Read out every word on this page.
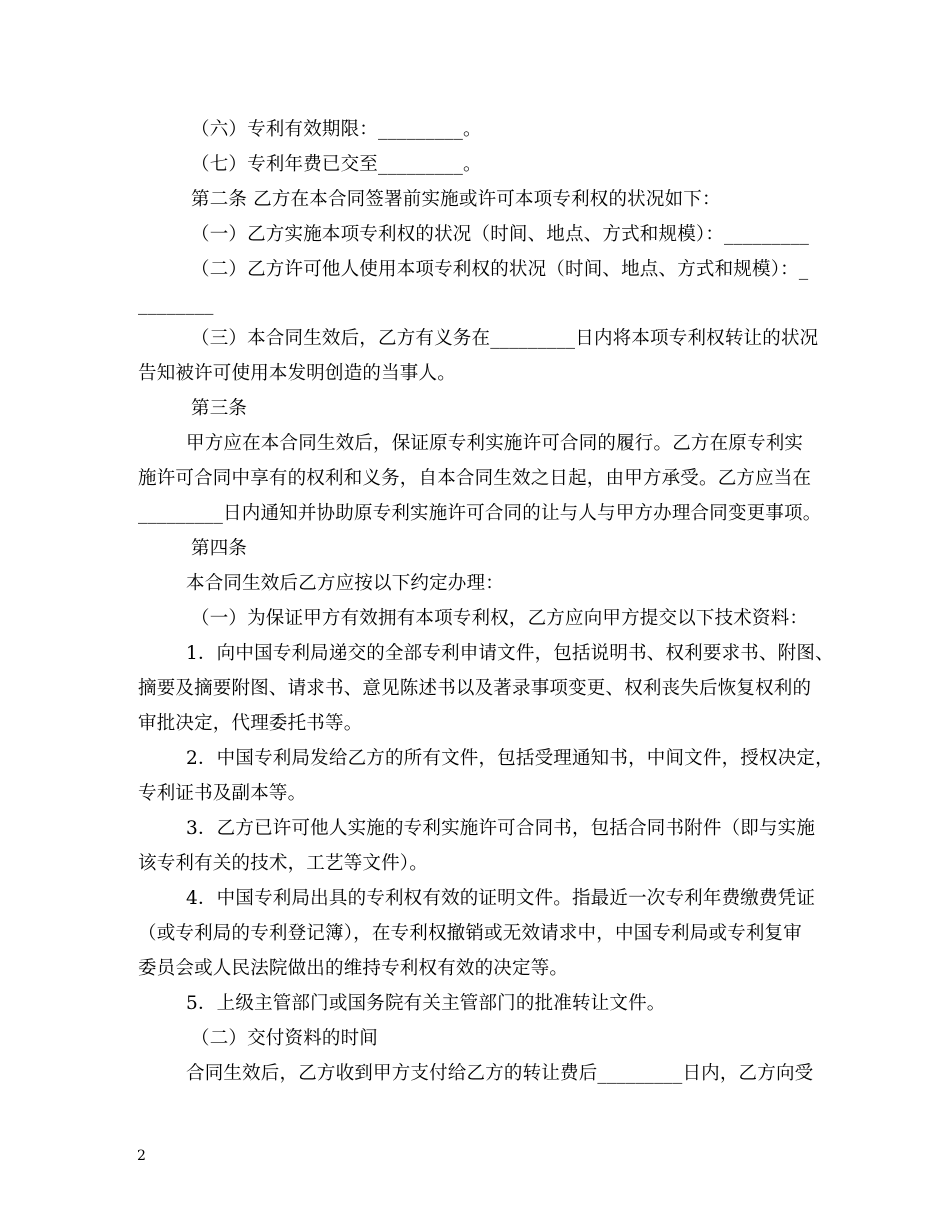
（六）专利有效期限：_________。
（七）专利年费已交至_________。
第二条 乙方在本合同签署前实施或许可本项专利权的状况如下：
（一）乙方实施本项专利权的状况（时间、地点、方式和规模）：_________
（二）乙方许可他人使用本项专利权的状况（时间、地点、方式和规模）：_
________
（三）本合同生效后，乙方有义务在_________日内将本项专利权转让的状况
告知被许可使用本发明创造的当事人。
第三条
甲方应在本合同生效后，保证原专利实施许可合同的履行。乙方在原专利实
施许可合同中享有的权利和义务，自本合同生效之日起，由甲方承受。乙方应当在
_________日内通知并协助原专利实施许可合同的让与人与甲方办理合同变更事项。
第四条
本合同生效后乙方应按以下约定办理：
（一）为保证甲方有效拥有本项专利权，乙方应向甲方提交以下技术资料：
1．向中国专利局递交的全部专利申请文件，包括说明书、权利要求书、附图、
摘要及摘要附图、请求书、意见陈述书以及著录事项变更、权利丧失后恢复权利的
审批决定，代理委托书等。
2．中国专利局发给乙方的所有文件，包括受理通知书，中间文件，授权决定，
专利证书及副本等。
3．乙方已许可他人实施的专利实施许可合同书，包括合同书附件（即与实施
该专利有关的技术，工艺等文件）。
4．中国专利局出具的专利权有效的证明文件。指最近一次专利年费缴费凭证
（或专利局的专利登记簿），在专利权撤销或无效请求中，中国专利局或专利复审
委员会或人民法院做出的维持专利权有效的决定等。
5．上级主管部门或国务院有关主管部门的批准转让文件。
（二）交付资料的时间
合同生效后，乙方收到甲方支付给乙方的转让费后_________日内，乙方向受
2
